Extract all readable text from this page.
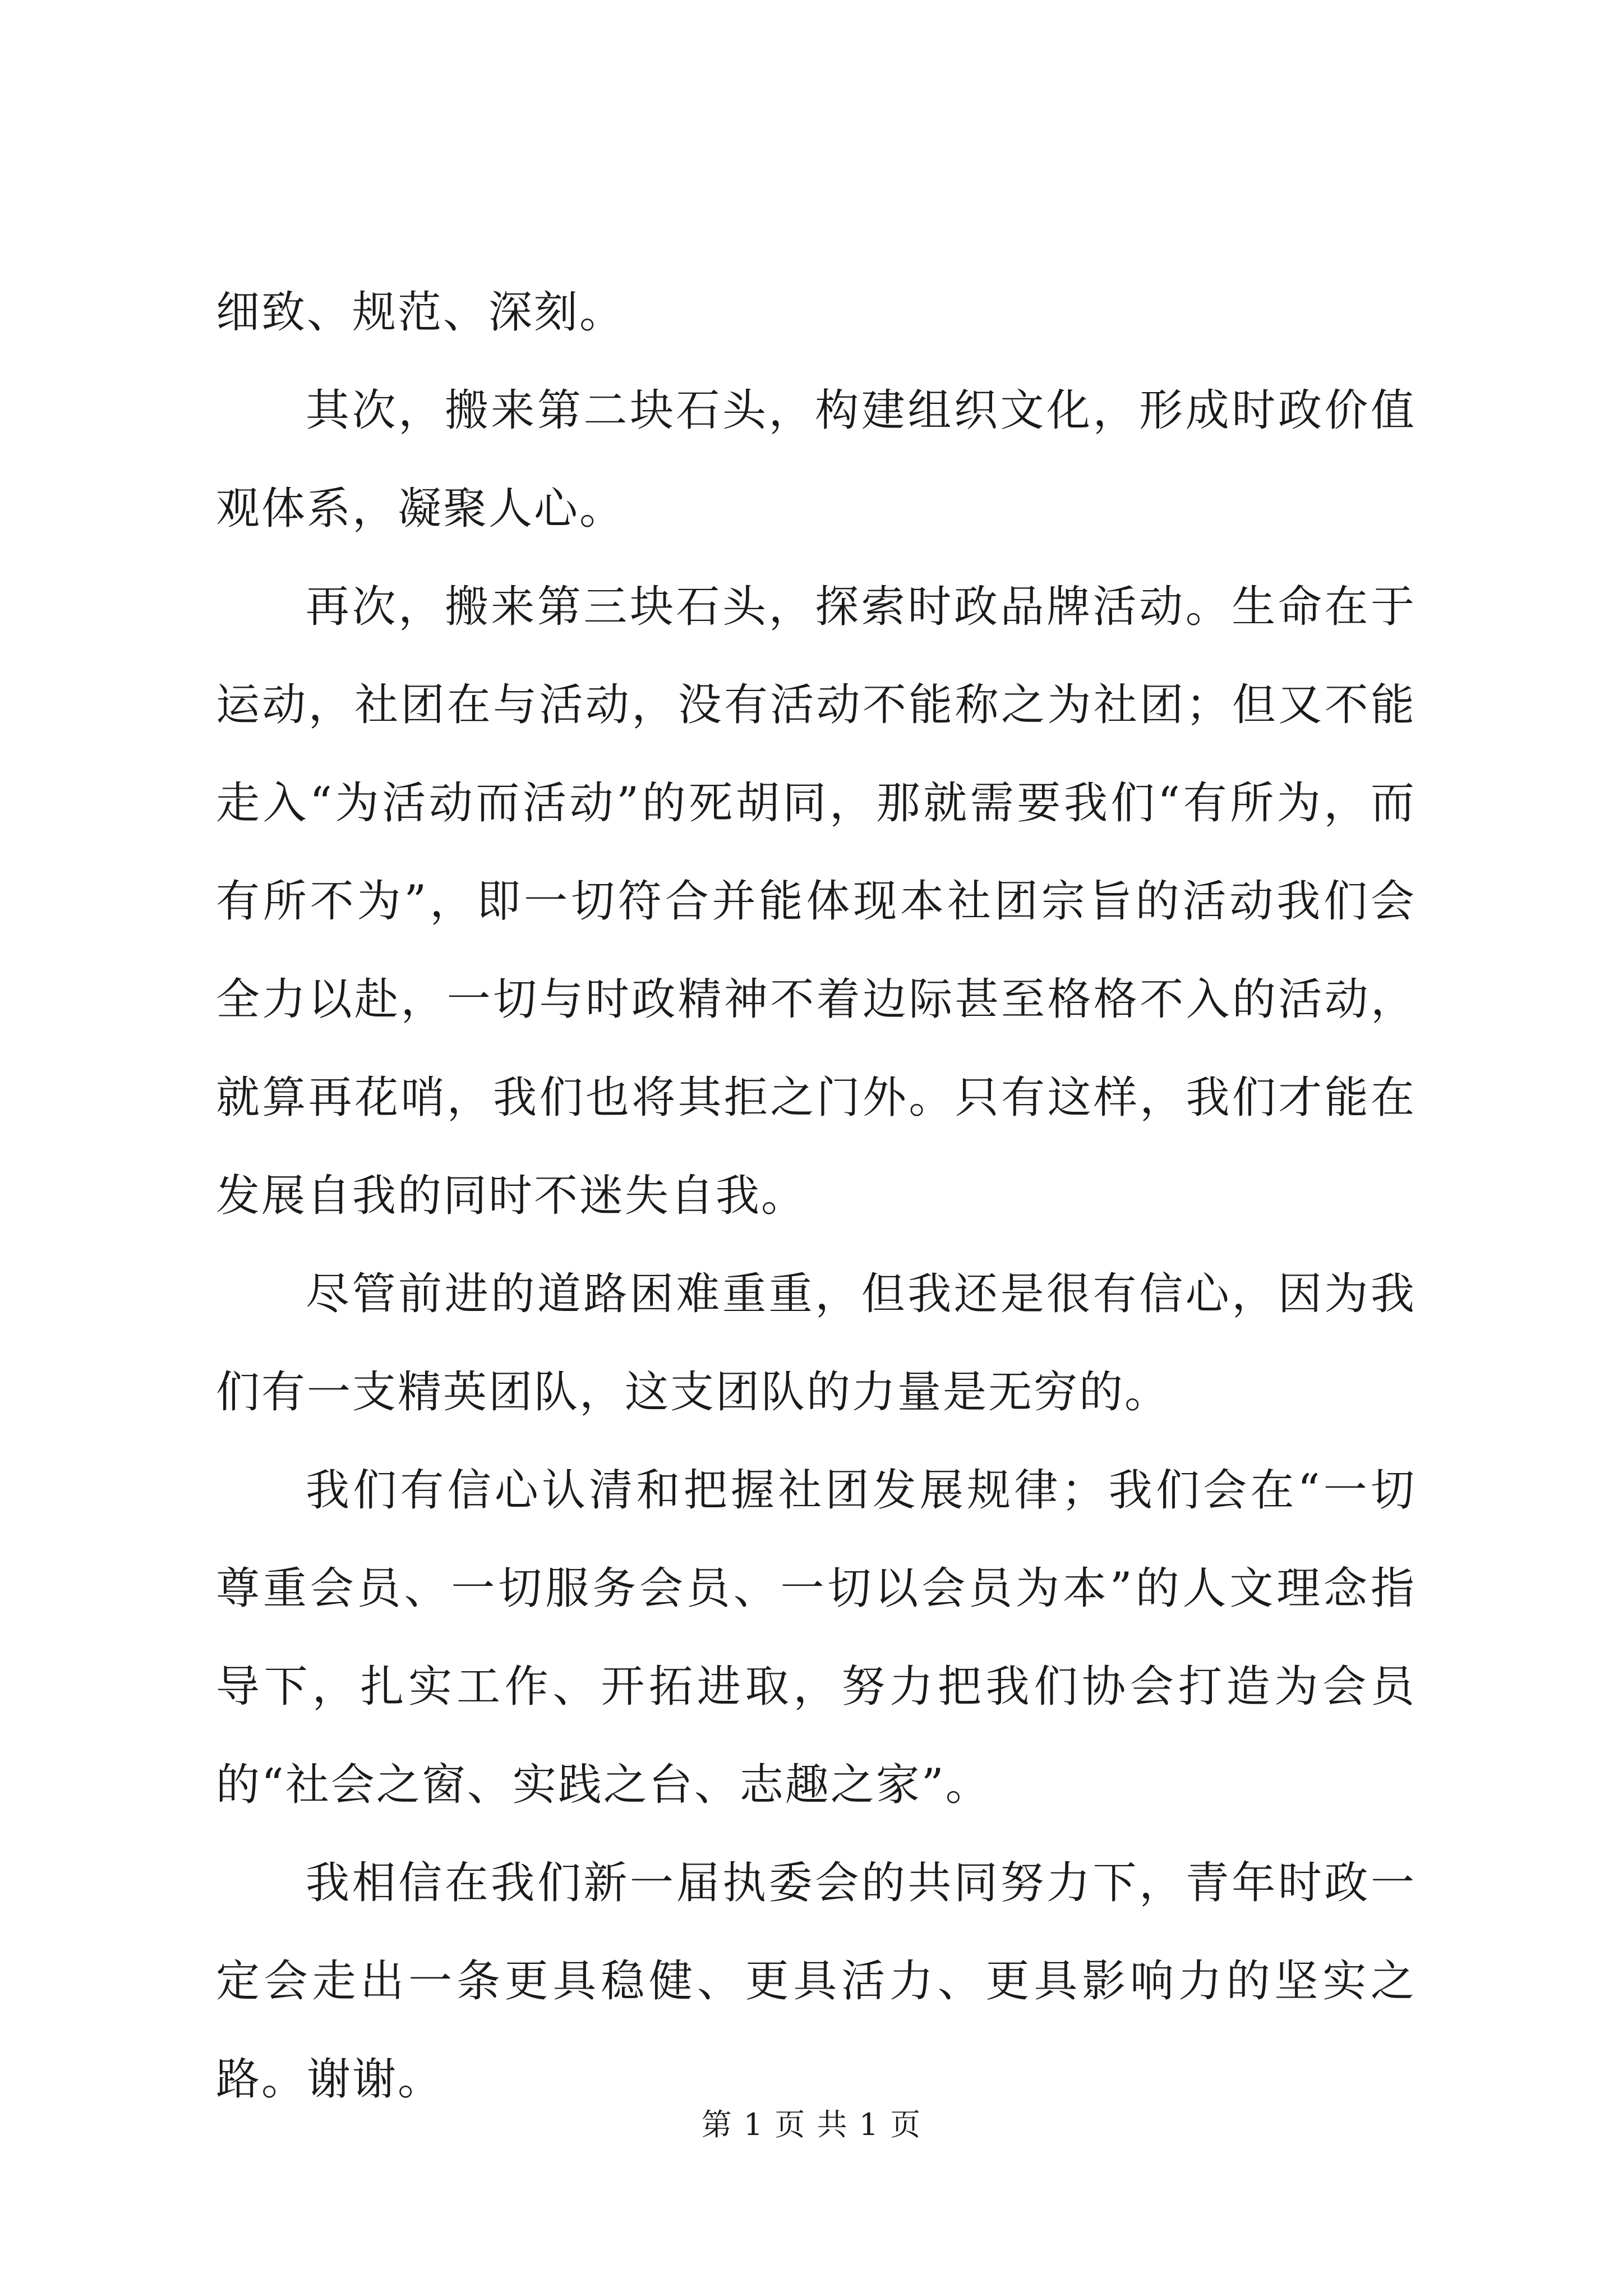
细致、规范、深刻。

其次，搬来第二块石头，构建组织文化，形成时政价值观体系，凝聚人心。

再次，搬来第三块石头，探索时政品牌活动。生命在于运动，社团在与活动，没有活动不能称之为社团；但又不能走入“为活动而活动”的死胡同，那就需要我们“有所为，而有所不为”，即一切符合并能体现本社团宗旨的活动我们会全力以赴，一切与时政精神不着边际甚至格格不入的活动，就算再花哨，我们也将其拒之门外。只有这样，我们才能在发展自我的同时不迷失自我。

尽管前进的道路困难重重，但我还是很有信心，因为我们有一支精英团队，这支团队的力量是无穷的。

我们有信心认清和把握社团发展规律；我们会在“一切尊重会员、一切服务会员、一切以会员为本”的人文理念指导下，扎实工作、开拓进取，努力把我们协会打造为会员的“社会之窗、实践之台、志趣之家”。

我相信在我们新一届执委会的共同努力下，青年时政一定会走出一条更具稳健、更具活力、更具影响力的坚实之路。谢谢。

第 1 页 共 1 页
